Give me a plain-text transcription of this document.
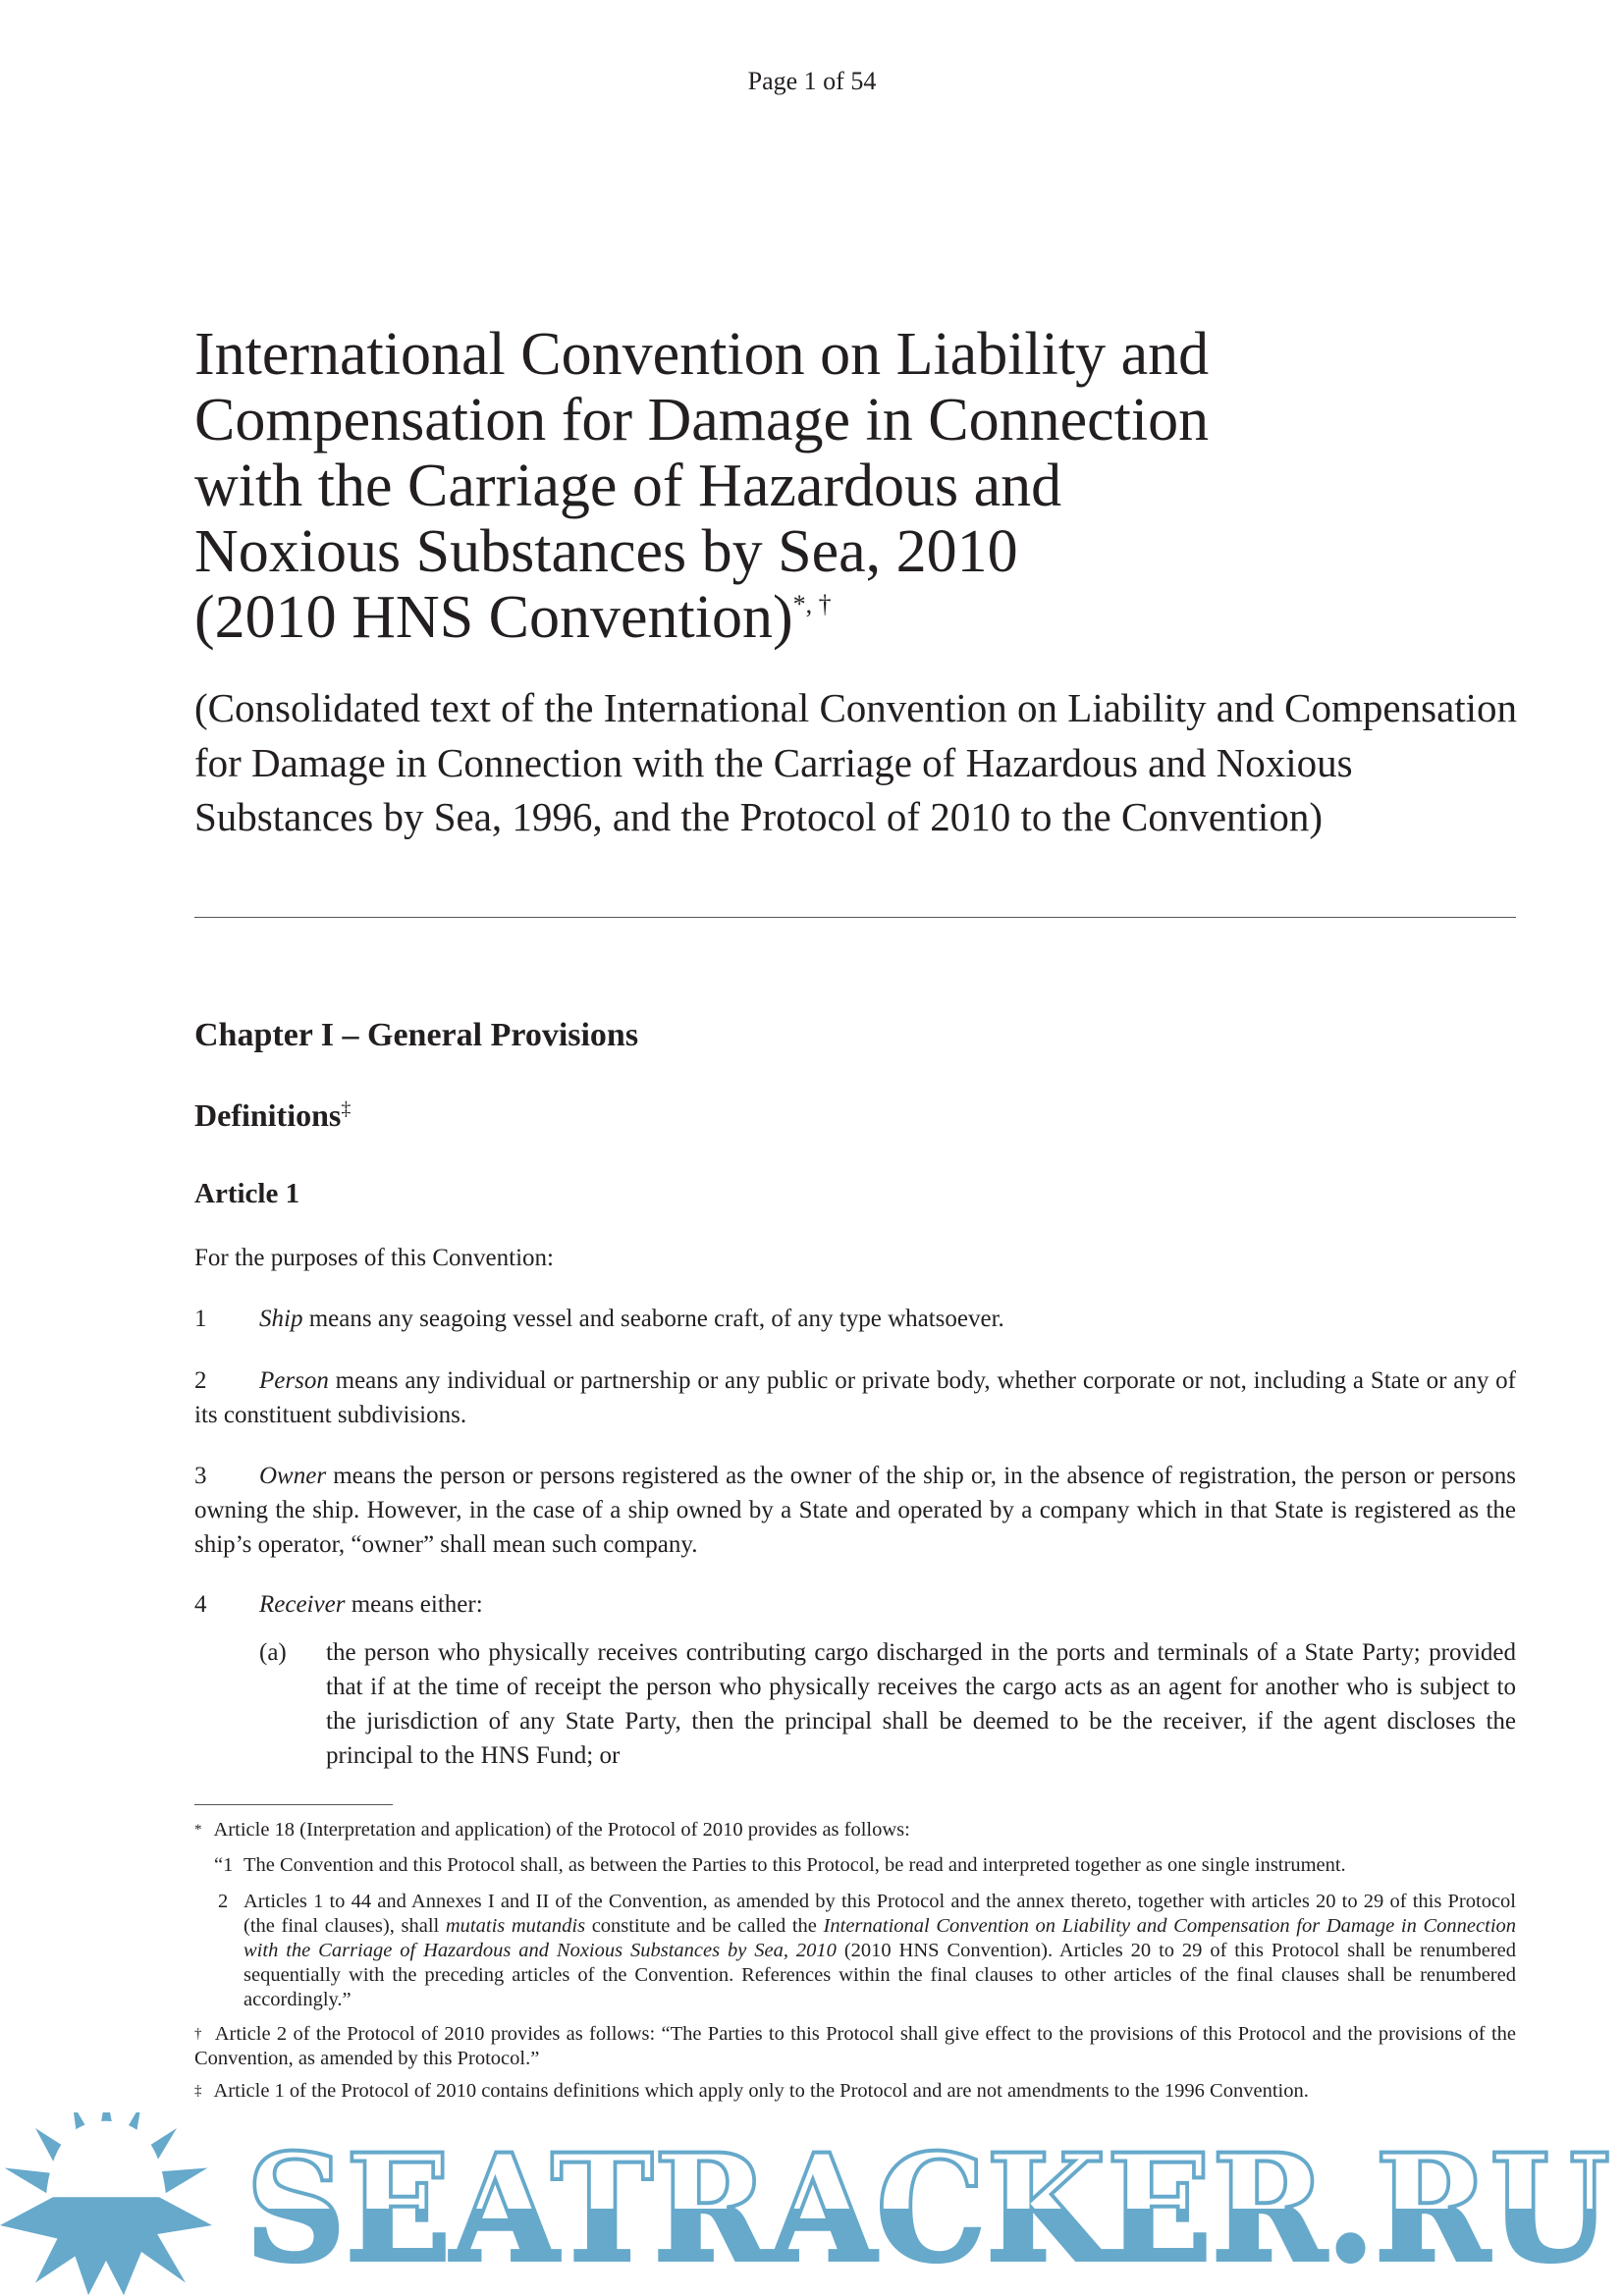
Page 1 of 54
International Convention on Liability and
Compensation for Damage in Connection
with the Carriage of Hazardous and
Noxious Substances by Sea, 2010
(2010 HNS Convention)*, †
(Consolidated text of the International Convention on Liability and Compensation for Damage in Connection with the Carriage of Hazardous and Noxious Substances by Sea, 1996, and the Protocol of 2010 to the Convention)
Chapter I – General Provisions
Definitions‡
Article 1
For the purposes of this Convention:
1 Ship means any seagoing vessel and seaborne craft, of any type whatsoever.
2 Person means any individual or partnership or any public or private body, whether corporate or not, including a State or any of its constituent subdivisions.
3 Owner means the person or persons registered as the owner of the ship or, in the absence of registration, the person or persons owning the ship. However, in the case of a ship owned by a State and operated by a company which in that State is registered as the ship’s operator, “owner” shall mean such company.
4 Receiver means either:
(a) the person who physically receives contributing cargo discharged in the ports and terminals of a State Party; provided that if at the time of receipt the person who physically receives the cargo acts as an agent for another who is subject to the jurisdiction of any State Party, then the principal shall be deemed to be the receiver, if the agent discloses the principal to the HNS Fund; or
* Article 18 (Interpretation and application) of the Protocol of 2010 provides as follows:
“1 The Convention and this Protocol shall, as between the Parties to this Protocol, be read and interpreted together as one single instrument.
2 Articles 1 to 44 and Annexes I and II of the Convention, as amended by this Protocol and the annex thereto, together with articles 20 to 29 of this Protocol (the final clauses), shall mutatis mutandis constitute and be called the International Convention on Liability and Compensation for Damage in Connection with the Carriage of Hazardous and Noxious Substances by Sea, 2010 (2010 HNS Convention). Articles 20 to 29 of this Protocol shall be renumbered sequentially with the preceding articles of the Convention. References within the final clauses to other articles of the final clauses shall be renumbered accordingly.”
† Article 2 of the Protocol of 2010 provides as follows: “The Parties to this Protocol shall give effect to the provisions of this Protocol and the provisions of the Convention, as amended by this Protocol.”
‡ Article 1 of the Protocol of 2010 contains definitions which apply only to the Protocol and are not amendments to the 1996 Convention.
SEATRACKER.RU
